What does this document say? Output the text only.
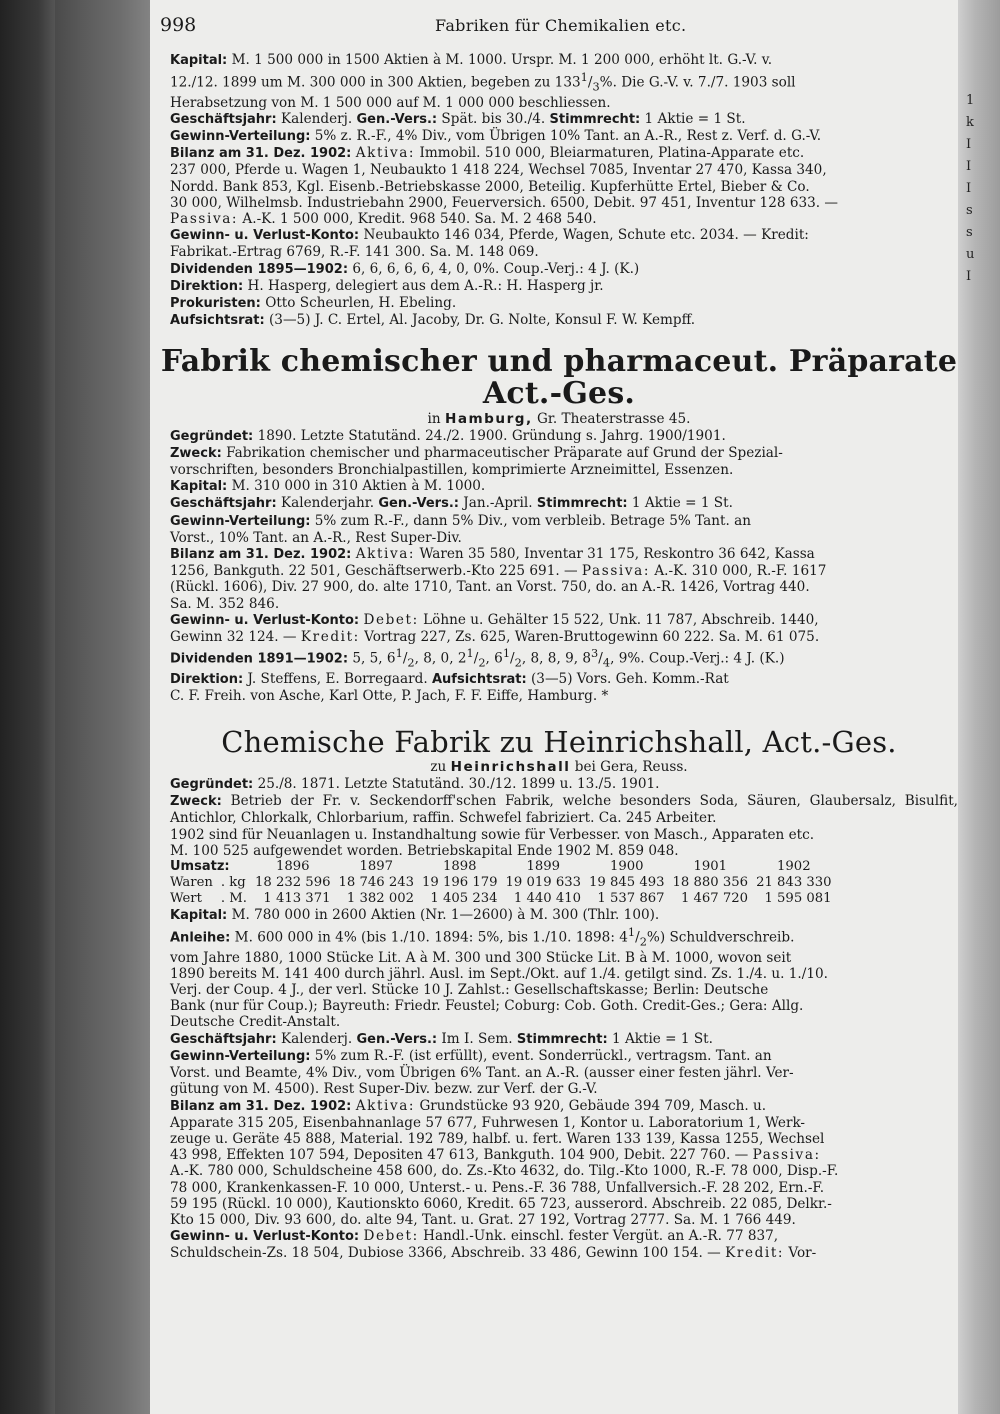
998	Fabriken für Chemikalien etc.
Kapital: M. 1 500 000 in 1500 Aktien à M. 1000. Urspr. M. 1 200 000, erhöht lt. G.-V. v.
12./12. 1899 um M. 300 000 in 300 Aktien, begeben zu $133^1/_3\%$. Die G.-V. v. 7./7. 1903 soll
Herabsetzung von M. 1 500 000 auf M. 1 000 000 beschliessen.
Geschäftsjahr: Kalenderj. Gen.-Vers.: Spät. bis 30./4. Stimmrecht: 1 Aktie = 1 St.
Gewinn-Verteilung: 5% z. R.-F., 4% Div., vom Übrigen 10% Tant. an A.-R., Rest z. Verf. d. G.-V.
Bilanz am 31. Dez. 1902: Aktiva: Immobil. 510 000, Bleiarmaturen, Platina-Apparate etc.
237 000, Pferde u. Wagen 1, Neubaukto 1 418 224, Wechsel 7085, Inventar 27 470, Kassa 340,
Nordd. Bank 853, Kgl. Eisenb.-Betriebskasse 2000, Beteilig. Kupferhütte Ertel, Bieber & Co.
30 000, Wilhelmsb. Industriebahn 2900, Feuerversich. 6500, Debit. 97 451, Inventur 128 633. —
Passiva: A.-K. 1 500 000, Kredit. 968 540. Sa. M. 2 468 540.
Gewinn- u. Verlust-Konto: Neubaukto 146 034, Pferde, Wagen, Schute etc. 2034. — Kredit:
Fabrikat.-Ertrag 6769, R.-F. 141 300. Sa. M. 148 069.
Dividenden 1895—1902: 6, 6, 6, 6, 6, 4, 0, 0%. Coup.-Verj.: 4 J. (K.)
Direktion: H. Hasperg, delegiert aus dem A.-R.: H. Hasperg jr.
Prokuristen: Otto Scheurlen, H. Ebeling.
Aufsichtsrat: (3—5) J. C. Ertel, Al. Jacoby, Dr. G. Nolte, Konsul F. W. Kempff.
Fabrik chemischer und pharmaceut. Präparate Act.-Ges.
in Hamburg, Gr. Theaterstrasse 45.
Gegründet: 1890. Letzte Statutänd. 24./2. 1900. Gründung s. Jahrg. 1900/1901.
Zweck: Fabrikation chemischer und pharmaceutischer Präparate auf Grund der Spezial-
vorschriften, besonders Bronchialpastillen, komprimierte Arzneimittel, Essenzen.
Kapital: M. 310 000 in 310 Aktien à M. 1000.
Geschäftsjahr: Kalenderjahr. Gen.-Vers.: Jan.-April. Stimmrecht: 1 Aktie = 1 St.
Gewinn-Verteilung: 5% zum R.-F., dann 5% Div., vom verbleib. Betrage 5% Tant. an
Vorst., 10% Tant. an A.-R., Rest Super-Div.
Bilanz am 31. Dez. 1902: Aktiva: Waren 35 580, Inventar 31 175, Reskontro 36 642, Kassa
1256, Bankguth. 22 501, Geschäftserwerb.-Kto 225 691. — Passiva: A.-K. 310 000, R.-F. 1617
(Rückl. 1606), Div. 27 900, do. alte 1710, Tant. an Vorst. 750, do. an A.-R. 1426, Vortrag 440.
Sa. M. 352 846.
Gewinn- u. Verlust-Konto: Debet: Löhne u. Gehälter 15 522, Unk. 11 787, Abschreib. 1440,
Gewinn 32 124. — Kredit: Vortrag 227, Zs. 625, Waren-Bruttogewinn 60 222. Sa. M. 61 075.
Dividenden 1891—1902: 5, 5, $6^1/_2$, 8, 0, $2^1/_2$, $6^1/_2$, 8, 8, 9, $8^3/_4$, 9%. Coup.-Verj.: 4 J. (K.)
Direktion: J. Steffens, E. Borregaard. Aufsichtsrat: (3—5) Vors. Geh. Komm.-Rat
C. F. Freih. von Asche, Karl Otte, P. Jach, F. F. Eiffe, Hamburg. *
Chemische Fabrik zu Heinrichshall, Act.-Ges.
zu Heinrichshall bei Gera, Reuss.
Gegründet: 25./8. 1871. Letzte Statutänd. 30./12. 1899 u. 13./5. 1901.
Zweck: Betrieb der Fr. v. Seckendorff'schen Fabrik, welche besonders Soda, Säuren, Glaubersalz, Bisulfit, Antichlor, Chlorkalk, Chlorbarium, raffin. Schwefel fabriziert. Ca. 245 Arbeiter.
1902 sind für Neuanlagen u. Instandhaltung sowie für Verbesser. von Masch., Apparaten etc.
M. 100 525 aufgewendet worden. Betriebskapital Ende 1902 M. 859 048.
Umsatz:		1896	1897	1898	1899	1900	1901	1902
Waren	. kg	18 232 596	18 746 243	19 196 179	19 019 633	19 845 493	18 880 356	21 843 330
Wert	. M.	1 413 371	1 382 002	1 405 234	1 440 410	1 537 867	1 467 720	1 595 081
Kapital: M. 780 000 in 2600 Aktien (Nr. 1—2600) à M. 300 (Thlr. 100).
Anleihe: M. 600 000 in 4% (bis 1./10. 1894: 5%, bis 1./10. 1898: $4^1/_2\%$) Schuldverschreib.
vom Jahre 1880, 1000 Stücke Lit. A à M. 300 und 300 Stücke Lit. B à M. 1000, wovon seit
1890 bereits M. 141 400 durch jährl. Ausl. im Sept./Okt. auf 1./4. getilgt sind. Zs. 1./4. u. 1./10.
Verj. der Coup. 4 J., der verl. Stücke 10 J. Zahlst.: Gesellschaftskasse; Berlin: Deutsche
Bank (nur für Coup.); Bayreuth: Friedr. Feustel; Coburg: Cob. Goth. Credit-Ges.; Gera: Allg.
Deutsche Credit-Anstalt.
Geschäftsjahr: Kalenderj. Gen.-Vers.: Im I. Sem. Stimmrecht: 1 Aktie = 1 St.
Gewinn-Verteilung: 5% zum R.-F. (ist erfüllt), event. Sonderrückl., vertragsm. Tant. an
Vorst. und Beamte, 4% Div., vom Übrigen 6% Tant. an A.-R. (ausser einer festen jährl. Ver-
gütung von M. 4500). Rest Super-Div. bezw. zur Verf. der G.-V.
Bilanz am 31. Dez. 1902: Aktiva: Grundstücke 93 920, Gebäude 394 709, Masch. u.
Apparate 315 205, Eisenbahnanlage 57 677, Fuhrwesen 1, Kontor u. Laboratorium 1, Werk-
zeuge u. Geräte 45 888, Material. 192 789, halbf. u. fert. Waren 133 139, Kassa 1255, Wechsel
43 998, Effekten 107 594, Depositen 47 613, Bankguth. 104 900, Debit. 227 760. — Passiva:
A.-K. 780 000, Schuldscheine 458 600, do. Zs.-Kto 4632, do. Tilg.-Kto 1000, R.-F. 78 000, Disp.-F.
78 000, Krankenkassen-F. 10 000, Unterst.- u. Pens.-F. 36 788, Unfallversich.-F. 28 202, Ern.-F.
59 195 (Rückl. 10 000), Kautionskto 6060, Kredit. 65 723, ausserord. Abschreib. 22 085, Delkr.-
Kto 15 000, Div. 93 600, do. alte 94, Tant. u. Grat. 27 192, Vortrag 2777. Sa. M. 1 766 449.
Gewinn- u. Verlust-Konto: Debet: Handl.-Unk. einschl. fester Vergüt. an A.-R. 77 837,
Schuldschein-Zs. 18 504, Dubiose 3366, Abschreib. 33 486, Gewinn 100 154. — Kredit: Vor-
1
k
I
I
I
s
s
u
I
